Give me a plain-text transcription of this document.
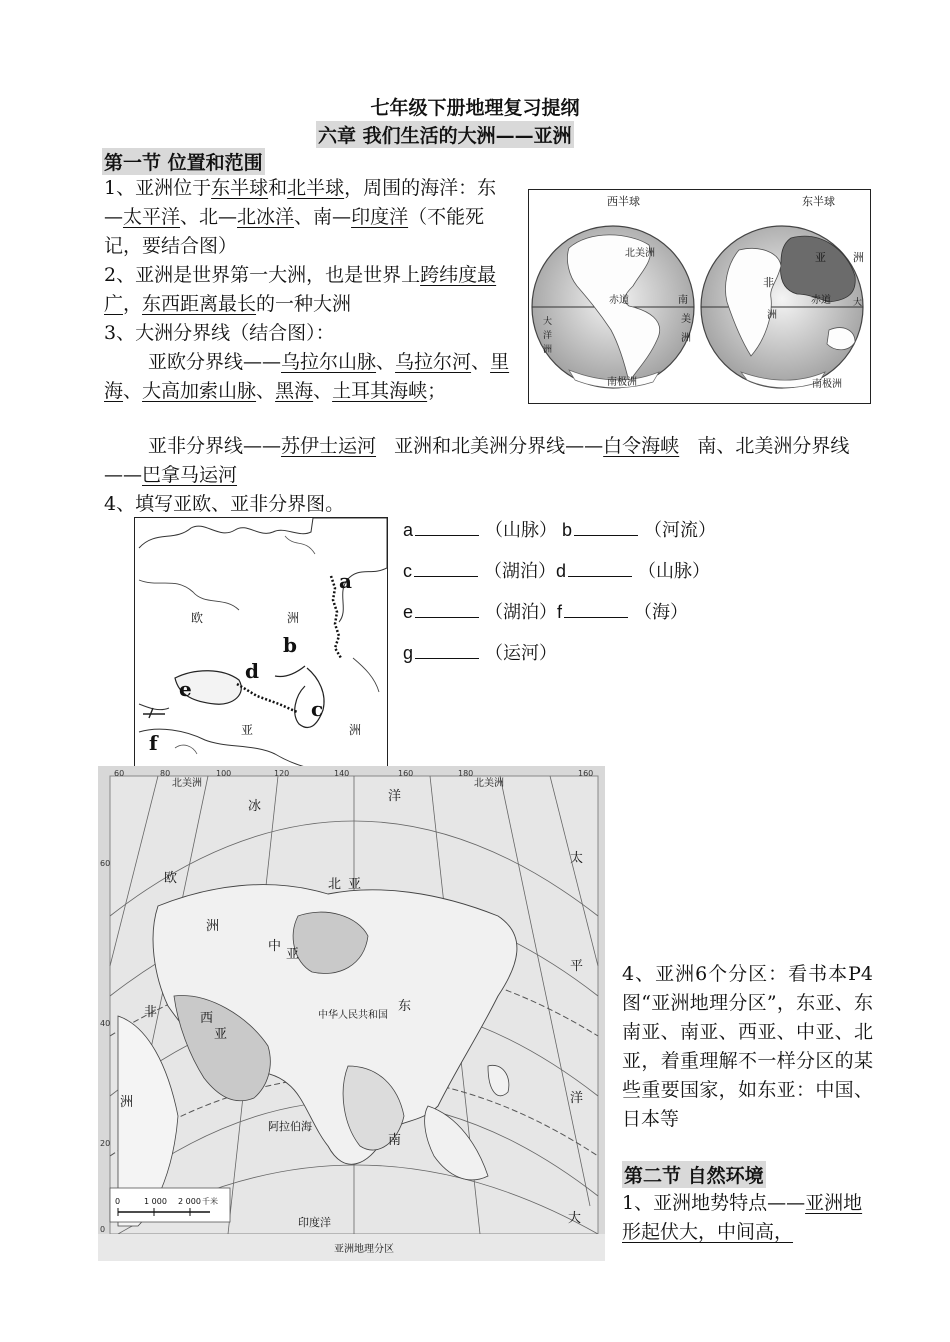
七年级下册地理复习提纲
六章 我们生活的大洲——亚洲
第一节 位置和范围
1、亚洲位于东半球和北半球，周围的海洋：东—太平洋、北—北冰洋、南—印度洋（不能死记，要结合图）
2、亚洲是世界第一大洲，也是世界上跨纬度最广，东西距离最长的一种大洲
3、大洲分界线（结合图）：
亚欧分界线——乌拉尔山脉、乌拉尔河、里海、大高加索山脉、黑海、土耳其海峡；
亚非分界线——苏伊士运河 亚洲和北美洲分界线——白令海峡 南、北美洲分界线——巴拿马运河
4、填写亚欧、亚非分界图。
西半球	东半球
北美洲
赤道	南
美
洲
南极洲	南极洲
大
洋
洲
亚 洲
非
洲
赤道 大
欧	洲
亚	洲
a
b
c
d
e
f
a	（山脉） b	（河流）
c	（湖泊）d	（山脉）
e	（湖泊）f	（海）
g	（运河）
60	80	100	120	140	160	180	160
60
40
20
0
北美洲	北美洲
欧
洲
北 亚
中
亚
西
亚
非
洲
中华人民共和国
东
阿拉伯海
印度洋
太
平
洋
洋
冰
南
大
0	1 000 2 000 千米
亚洲地理分区
4、亚洲6个分区：看书本P4图“亚洲地理分区”，东亚、东南亚、南亚、西亚、中亚、北亚，着重理解不一样分区的某些重要国家，如东亚：中国、日本等
第二节 自然环境
1、亚洲地势特点——亚洲地形起伏大，中间高，
